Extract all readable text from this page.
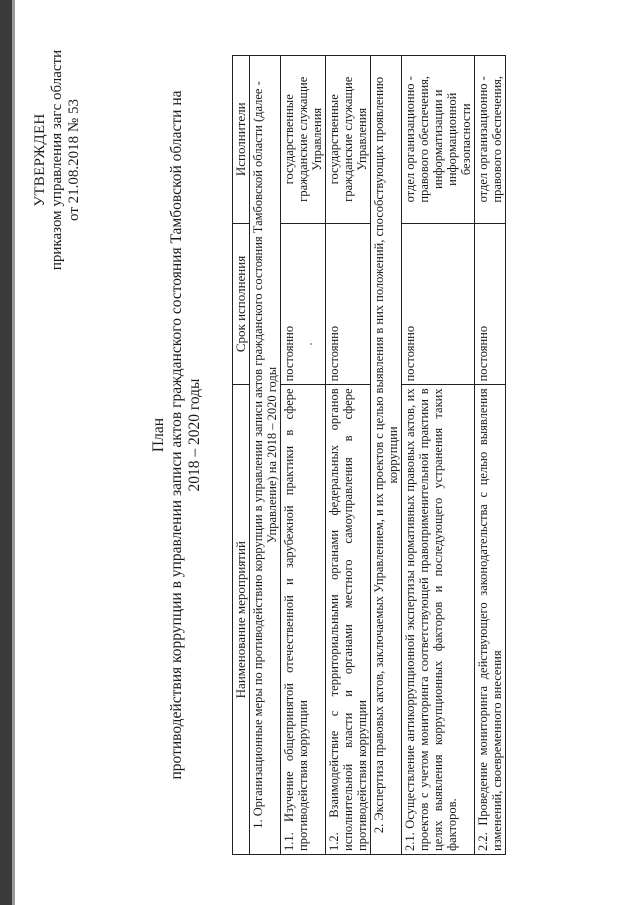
УТВЕРЖДЕН приказом управления загс области от 21.08.2018 № 53
План противодействия коррупции в управлении записи актов гражданского состояния Тамбовской области на 2018 – 2020 годы
Наименование мероприятий	Срок исполнения	Исполнители
1. Организационные меры по противодействию коррупции в управлении записи актов гражданского состояния Тамбовской области (далее - Управление) на 2018 – 2020 годы		
1.1. Изучение общепринятой отечественной и зарубежной практики в сфере противодействия коррупции	постоянно	государственные гражданские служащие Управления
1.2. Взаимодействие с территориальными органами федеральных органов исполнительной власти и органами местного самоуправления в сфере противодействия коррупции	постоянно	государственные гражданские служащие Управления
2. Экспертиза правовых актов, заключаемых Управлением, и их проектов с целью выявления в них положений, способствующих проявлению коррупции		
2.1. Осуществление антикоррупционной экспертизы нормативных правовых актов, их проектов с учетом мониторинга соответствующей правоприменительной практики в целях выявления коррупционных факторов и последующего устранения таких факторов.	постоянно	отдел организационно - правового обеспечения, информатизации и информационной безопасности
2.2. Проведение мониторинга действующего законодательства с целью выявления изменений, своевременного внесения	постоянно	отдел организационно - правового обеспечения,
